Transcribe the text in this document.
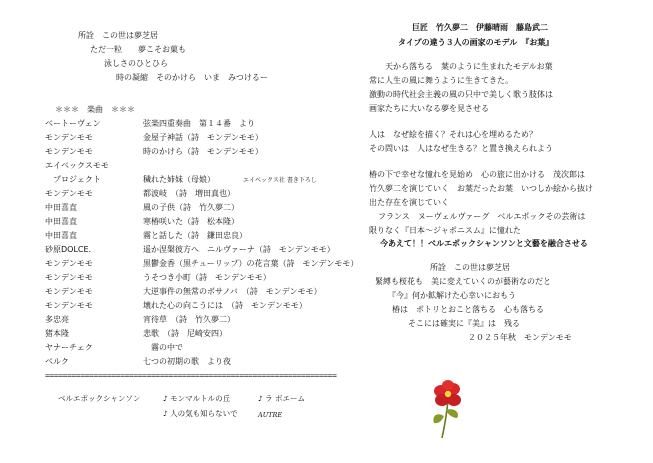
所詮　この世は夢芝居
ただ一粒　　夢こそお菓も
泳しさのひとひら
時の凝縮　そのかけら　いま　みつけるー
＊＊＊　楽曲　＊＊＊
ベートーヴェン	弦楽四重奏曲　第１４番　より
モンデンモモ	金屋子神話（詩　モンデンモモ）
モンデンモモ	時のかけら（詩　モンデンモモ）
エイベックスモモ
　プロジェクト	穢れた姉妹（母娘）	エイベックス社 書き下ろし
モンデンモモ	都波岐　（詩　増田真也）
中田喜直	風の子供（詩　竹久夢二）
中田喜直	寒椿咲いた（詩　松本隆）
中田喜直	霧と話した（詩　鎌田忠良）
砂原DOLCE.	遥か涅槃彼方へ　ニルヴァーナ（詩　モンデンモモ）
モンデンモモ	黒鬱金香（黒チューリップ）の花言葉（詩　モンデンモモ）
モンデンモモ	うそつき小町（詩　モンデンモモ）
モンデンモモ	大逆事件の無常のボサノバ　（詩　モンデンモモ）
モンデンモモ	壊れた心の向こうには　（詩　モンデンモモ）
多忠亮	宵待草　（詩　竹久夢二）
猪本隆	悲歌　（詩　尼崎安四）
ヤナーチェク	　霧の中で
ベルク	七つの初期の歌　より夜
==================================================================
ベルエポックシャンソン	♪ モンマルトルの丘	♪ ラ ボエーム
♪ 人の気も知らないで	AUTRE
巨匠　竹久夢二　伊藤晴雨　藤島武二
タイプの違う３人の画家のモデル　『お葉』
天から落ちる　葉のように生まれたモデルお葉
常に人生の風に舞うように生きてきた。
激動の時代社会主義の風の只中で美しく歌う肢体は
画家たちに大いなる夢を見させる
人は　なぜ絵を描く？それは心を埋めるため？
その問いは　人はなぜ生きる？と置き換えられよう
椿の下で幸せな憧れを見始め　心の旅に出かける　茂次郎は
竹久夢二を演じていく　お葉だったお葉　いつしか絵から抜け
出た存在を演じていく
フランス　ヌーヴェルヴァーグ　ベルエポックその芸術は
限りなく『日本～ジャポニスム』に憧れた
今あえて！！ベルエポックシャンソンと文藝を融合させる
所詮　この世は夢芝居
緊縛も桜花も　美に変えていくのが藝術なのだと
『今』何か鉱解けた心幸いにおもう
椿は　ポトリとおこと落ちる　心も落ちる
そこには確実に『美』は　残る
２０２５年秋　モンデンモモ
